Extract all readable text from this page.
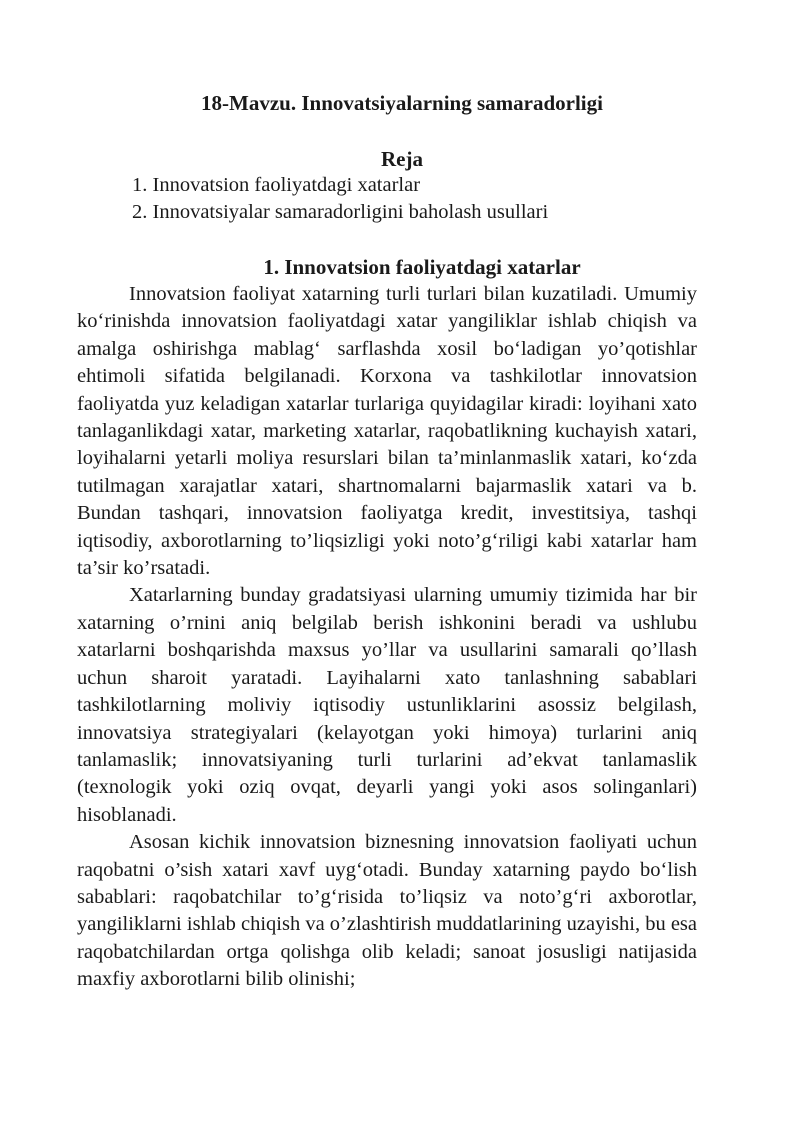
18-Mavzu. Innovatsiyalarning samaradorligi
Reja
1. Innovatsion faoliyatdagi xatarlar
2. Innovatsiyalar samaradorligini baholash usullari
1. Innovatsion faoliyatdagi xatarlar

Innovatsion faoliyat xatarning turli turlari bilan kuzatiladi. Umumiy ko‘rinishda innovatsion faoliyatdagi xatar yangiliklar ishlab chiqish va amalga oshirishga mablag‘ sarflashda xosil bo‘ladigan yo’qotishlar ehtimoli sifatida belgilanadi. Korxona va tashkilotlar innovatsion faoliyatda yuz keladigan xatarlar turlariga quyidagilar kiradi: loyihani xato tanlaganlikdagi xatar, marketing xatarlar, raqobatlikning kuchayish xatari, loyihalarni yetarli moliya resurslari bilan ta’minlanmaslik xatari, ko‘zda tutilmagan xarajatlar xatari, shartnomalarni bajarmaslik xatari va b. Bundan tashqari, innovatsion faoliyatga kredit, investitsiya, tashqi iqtisodiy, axborotlarning to’liqsizligi yoki noto’g‘riligi kabi xatarlar ham ta’sir ko’rsatadi.

Xatarlarning bunday gradatsiyasi ularning umumiy tizimida har bir xatarning o’rnini aniq belgilab berish ishkonini beradi va ushlubu xatarlarni boshqarishda maxsus yo’llar va usullarini samarali qo’llash uchun sharoit yaratadi. Layihalarni xato tanlashning sabablari tashkilotlarning moliviy iqtisodiy ustunliklarini asossiz belgilash, innovatsiya strategiyalari (kelayotgan yoki himoya) turlarini aniq tanlamaslik; innovatsiyaning turli turlarini ad’ekvat tanlamaslik (texnologik yoki oziq ovqat, deyarli yangi yoki asos solinganlari) hisoblanadi.

Asosan kichik innovatsion biznesning innovatsion faoliyati uchun raqobatni o’sish xatari xavf uyg‘otadi. Bunday xatarning paydo bo‘lish sabablari: raqobatchilar to’g‘risida to’liqsiz va noto’g‘ri axborotlar, yangiliklarni ishlab chiqish va o’zlashtirish muddatlarining uzayishi, bu esa raqobatchilardan ortga qolishga olib keladi; sanoat josusligi natijasida maxfiy axborotlarni bilib olinishi;
